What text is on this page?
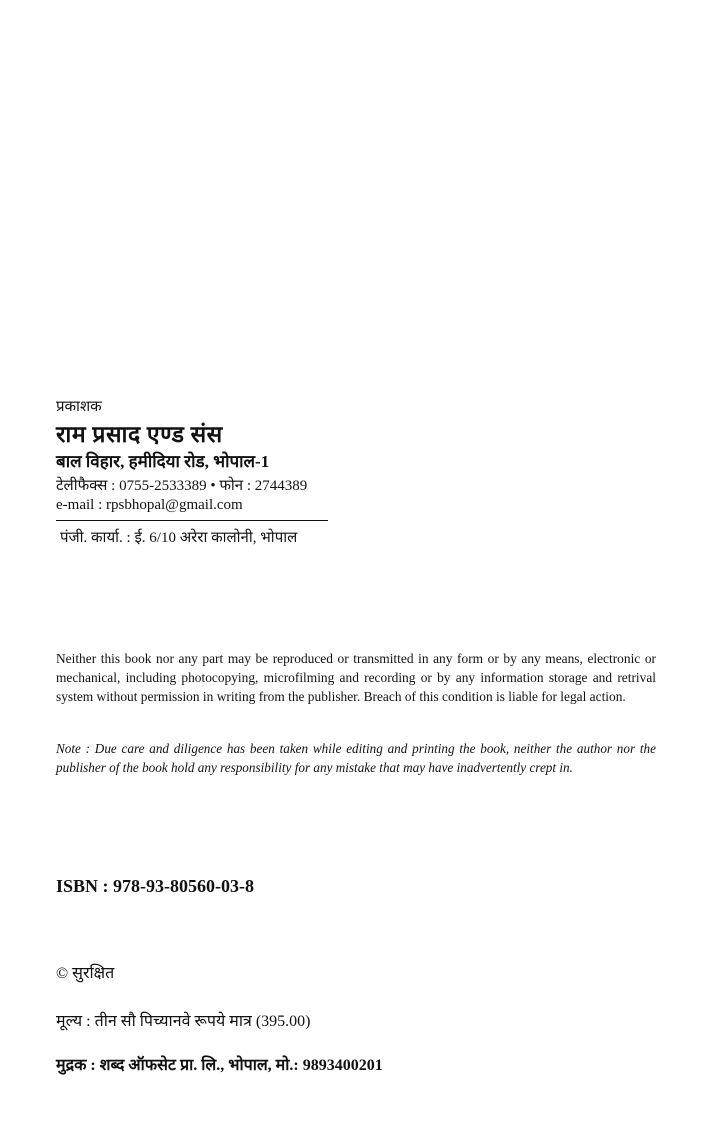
प्रकाशक
राम प्रसाद एण्ड संस
बाल विहार, हमीदिया रोड, भोपाल-1
टेलीफैक्स : 0755-2533389 • फोन : 2744389
e-mail : rpsbhopal@gmail.com
पंजी. कार्या. : ई. 6/10 अरेरा कालोनी, भोपाल
Neither this book nor any part may be reproduced or transmitted in any form or by any means, electronic or mechanical, including photocopying, microfilming and recording or by any information storage and retrival system without permission in writing from the publisher. Breach of this condition is liable for legal action.
Note : Due care and diligence has been taken while editing and printing the book, neither the author nor the publisher of the book hold any responsibility for any mistake that may have inadvertently crept in.
ISBN : 978-93-80560-03-8
© सुरक्षित
मूल्य : तीन सौ पिच्यानवे रूपये मात्र (395.00)
मुद्रक : शब्द ऑफसेट प्रा. लि., भोपाल, मो.: 9893400201
